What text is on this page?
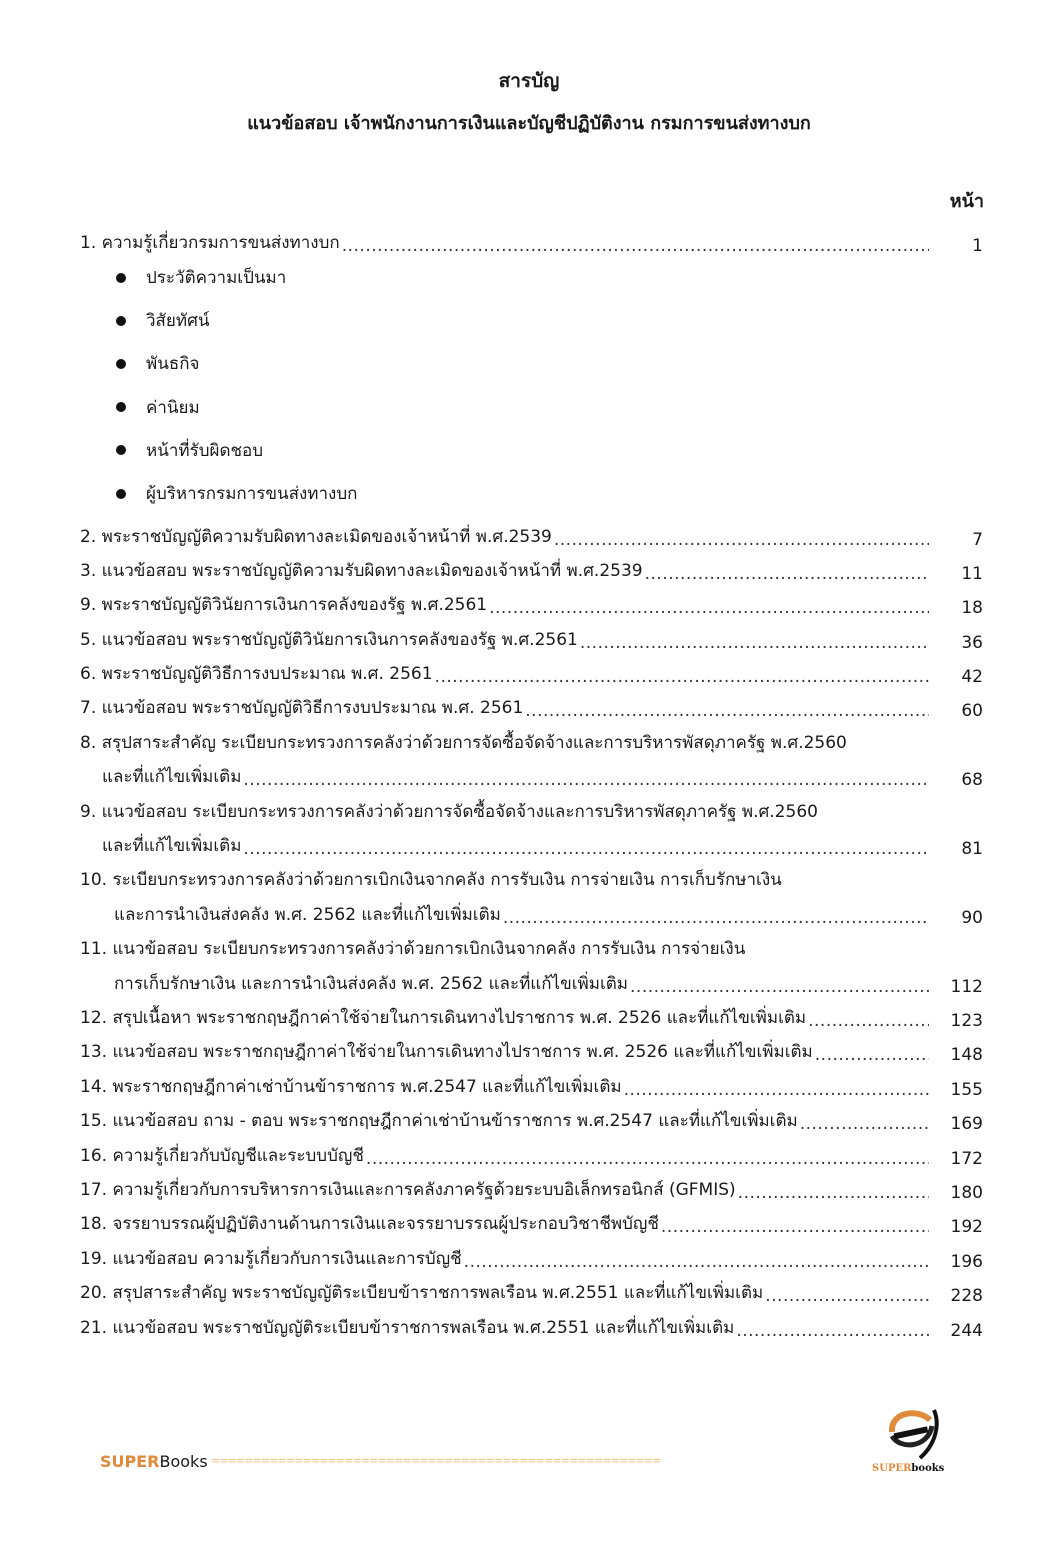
สารบัญ
แนวข้อสอบ เจ้าพนักงานการเงินและบัญชีปฏิบัติงาน กรมการขนส่งทางบก
หน้า
1. ความรู้เกี่ยวกรมการขนส่งทางบก .....	1
ประวัติความเป็นมา
วิสัยทัศน์
พันธกิจ
ค่านิยม
หน้าที่รับผิดชอบ
ผู้บริหารกรมการขนส่งทางบก
2. พระราชบัญญัติความรับผิดทางละเมิดของเจ้าหน้าที่ พ.ศ.2539 .....	7
3. แนวข้อสอบ พระราชบัญญัติความรับผิดทางละเมิดของเจ้าหน้าที่ พ.ศ.2539 .....	11
9. พระราชบัญญัติวินัยการเงินการคลังของรัฐ พ.ศ.2561 .....	18
5. แนวข้อสอบ พระราชบัญญัติวินัยการเงินการคลังของรัฐ พ.ศ.2561 .....	36
6. พระราชบัญญัติวิธีการงบประมาณ พ.ศ. 2561 .....	42
7. แนวข้อสอบ พระราชบัญญัติวิธีการงบประมาณ พ.ศ. 2561 .....	60
8. สรุปสาระสำคัญ ระเบียบกระทรวงการคลังว่าด้วยการจัดซื้อจัดจ้างและการบริหารพัสดุภาครัฐ พ.ศ.2560
และที่แก้ไขเพิ่มเติม .....	68
9. แนวข้อสอบ ระเบียบกระทรวงการคลังว่าด้วยการจัดซื้อจัดจ้างและการบริหารพัสดุภาครัฐ พ.ศ.2560
และที่แก้ไขเพิ่มเติม .....	81
10. ระเบียบกระทรวงการคลังว่าด้วยการเบิกเงินจากคลัง การรับเงิน การจ่ายเงิน การเก็บรักษาเงิน
และการนำเงินส่งคลัง พ.ศ. 2562 และที่แก้ไขเพิ่มเติม .....	90
11. แนวข้อสอบ ระเบียบกระทรวงการคลังว่าด้วยการเบิกเงินจากคลัง การรับเงิน การจ่ายเงิน
การเก็บรักษาเงิน และการนำเงินส่งคลัง พ.ศ. 2562 และที่แก้ไขเพิ่มเติม .....	112
12. สรุปเนื้อหา พระราชกฤษฎีกาค่าใช้จ่ายในการเดินทางไปราชการ พ.ศ. 2526 และที่แก้ไขเพิ่มเติม .....	123
13. แนวข้อสอบ พระราชกฤษฎีกาค่าใช้จ่ายในการเดินทางไปราชการ พ.ศ. 2526 และที่แก้ไขเพิ่มเติม .....	148
14. พระราชกฤษฎีกาค่าเช่าบ้านข้าราชการ พ.ศ.2547 และที่แก้ไขเพิ่มเติม .....	155
15. แนวข้อสอบ ถาม - ตอบ พระราชกฤษฎีกาค่าเช่าบ้านข้าราชการ พ.ศ.2547 และที่แก้ไขเพิ่มเติม .....	169
16. ความรู้เกี่ยวกับบัญชีและระบบบัญชี .....	172
17. ความรู้เกี่ยวกับการบริหารการเงินและการคลังภาครัฐด้วยระบบอิเล็กทรอนิกส์ (GFMIS) .....	180
18. จรรยาบรรณผู้ปฏิบัติงานด้านการเงินและจรรยาบรรณผู้ประกอบวิชาชีพบัญชี .....	192
19. แนวข้อสอบ ความรู้เกี่ยวกับการเงินและการบัญชี .....	196
20. สรุปสาระสำคัญ พระราชบัญญัติระเบียบข้าราชการพลเรือน พ.ศ.2551 และที่แก้ไขเพิ่มเติม .....	228
21. แนวข้อสอบ พระราชบัญญัติระเบียบข้าราชการพลเรือน พ.ศ.2551 และที่แก้ไขเพิ่มเติม .....	244
SUPER Books ======================================================	SUPERbooks
